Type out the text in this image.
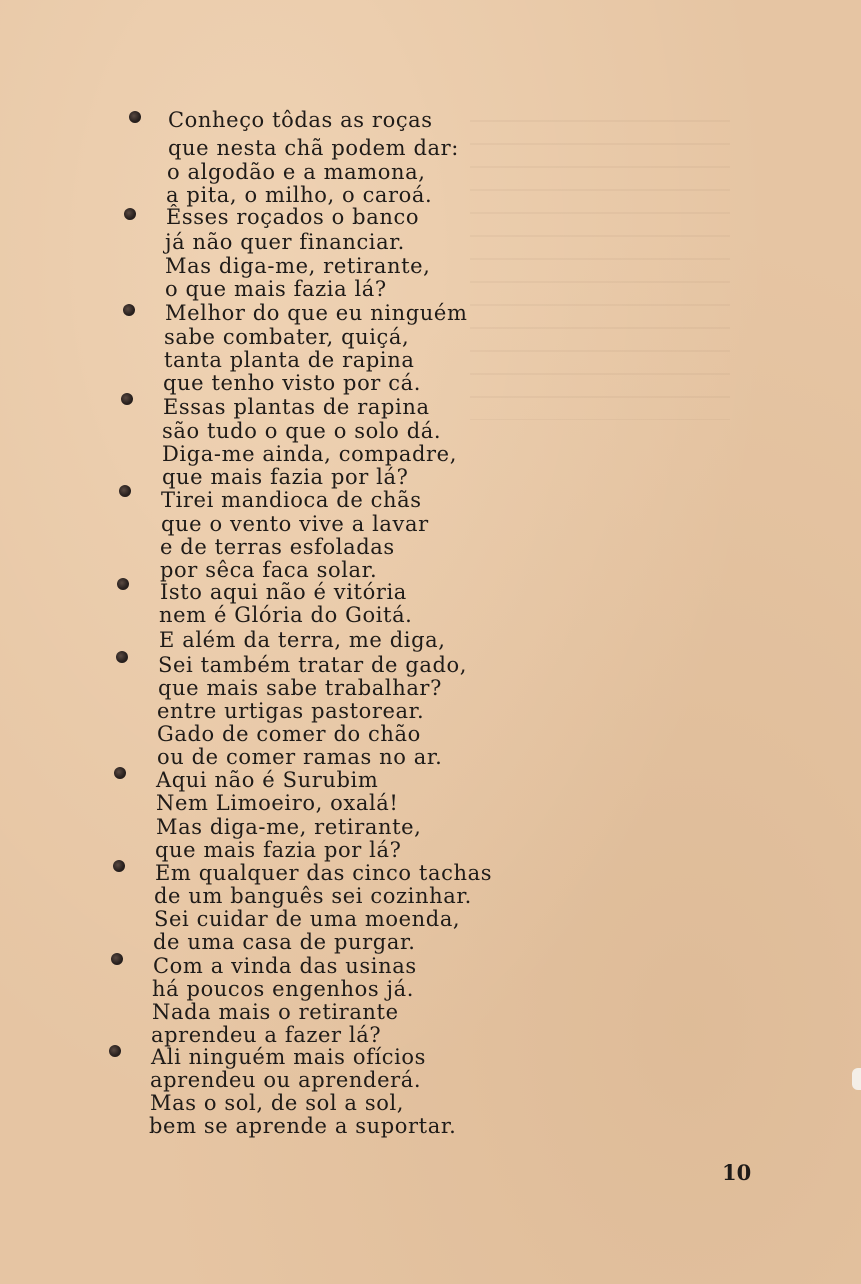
Conheço tôdas as roças
que nesta chã podem dar:
o algodão e a mamona,
a pita, o milho, o caroá.
Êsses roçados o banco
já não quer financiar.
Mas diga-me, retirante,
o que mais fazia lá?
Melhor do que eu ninguém
sabe combater, quiçá,
tanta planta de rapina
que tenho visto por cá.
Essas plantas de rapina
são tudo o que o solo dá.
Diga-me ainda, compadre,
que mais fazia por lá?
Tirei mandioca de chãs
que o vento vive a lavar
e de terras esfoladas
por sêca faca solar.
Isto aqui não é vitória
nem é Glória do Goitá.
E além da terra, me diga,
Sei também tratar de gado,
que mais sabe trabalhar?
entre urtigas pastorear.
Gado de comer do chão
ou de comer ramas no ar.
Aqui não é Surubim
Nem Limoeiro, oxalá!
Mas diga-me, retirante,
que mais fazia por lá?
Em qualquer das cinco tachas
de um banguês sei cozinhar.
Sei cuidar de uma moenda,
de uma casa de purgar.
Com a vinda das usinas
há poucos engenhos já.
Nada mais o retirante
aprendeu a fazer lá?
Ali ninguém mais ofícios
aprendeu ou aprenderá.
Mas o sol, de sol a sol,
bem se aprende a suportar.
10
